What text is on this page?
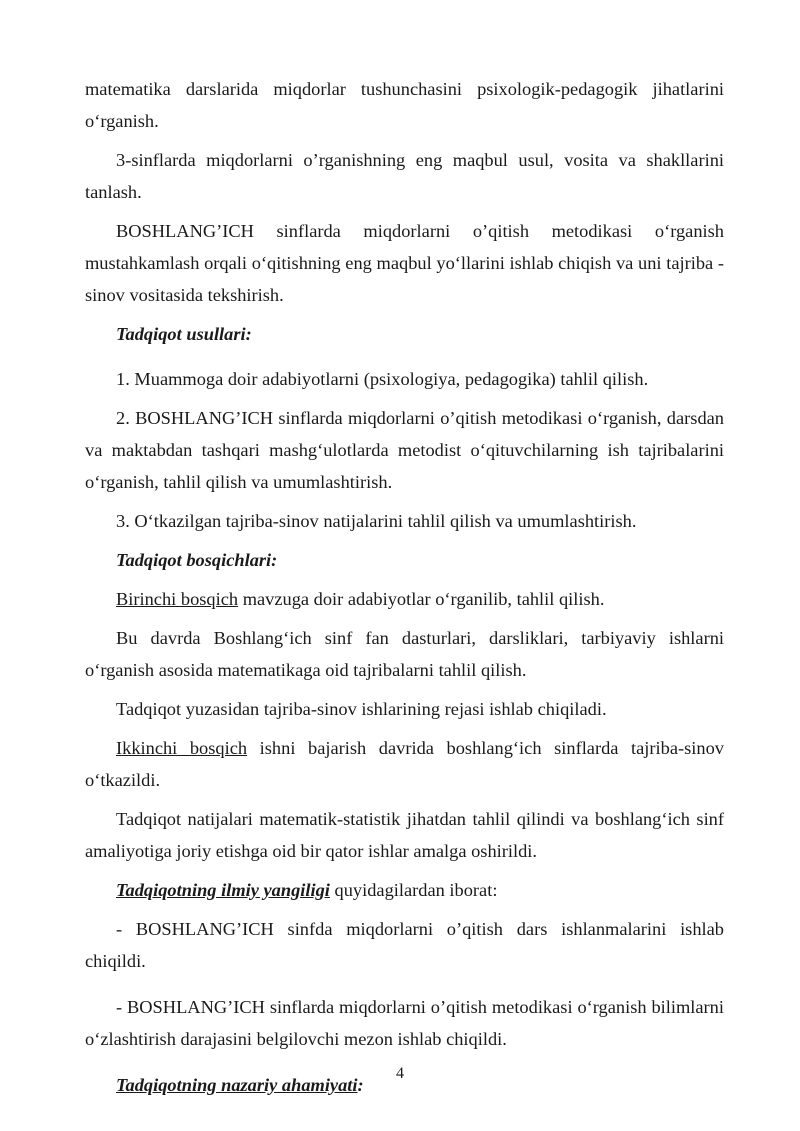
matematika darslarida miqdorlar tushunchasini psixologik-pedagogik jihatlarini o‘rganish.

3-sinflarda miqdorlarni o’rganishning eng maqbul usul, vosita va shakllarini tanlash.

BOSHLANG’ICH sinflarda miqdorlarni o’qitish metodikasi o‘rganish mustahkamlash orqali o‘qitishning eng maqbul yo‘llarini ishlab chiqish va uni tajriba - sinov vositasida tekshirish.

Tadqiqot usullari:

1. Muammoga doir adabiyotlarni (psixologiya, pedagogika) tahlil qilish.

2. BOSHLANG’ICH sinflarda miqdorlarni o’qitish metodikasi o‘rganish, darsdan va maktabdan tashqari mashg‘ulotlarda metodist o‘qituvchilarning ish tajribalarini o‘rganish, tahlil qilish va umumlashtirish.

3. O‘tkazilgan tajriba-sinov natijalarini tahlil qilish va umumlashtirish.

Tadqiqot bosqichlari:

Birinchi bosqich mavzuga doir adabiyotlar o‘rganilib, tahlil qilish.

Bu davrda Boshlang‘ich sinf fan dasturlari, darsliklari, tarbiyaviy ishlarni o‘rganish asosida matematikaga oid tajribalarni tahlil qilish.

Tadqiqot yuzasidan tajriba-sinov ishlarining rejasi ishlab chiqiladi.

Ikkinchi bosqich ishni bajarish davrida boshlang‘ich sinflarda tajriba-sinov o‘tkazildi.

Tadqiqot natijalari matematik-statistik jihatdan tahlil qilindi va boshlang‘ich sinf amaliyotiga joriy etishga oid bir qator ishlar amalga oshirildi.

Tadqiqotning ilmiy yangiligi quyidagilardan iborat:

- BOSHLANG’ICH sinfda miqdorlarni o’qitish dars ishlanmalarini ishlab chiqildi.

- BOSHLANG’ICH sinflarda miqdorlarni o’qitish metodikasi o‘rganish bilimlarni o‘zlashtirish darajasini belgilovchi mezon ishlab chiqildi.

Tadqiqotning nazariy ahamiyati:

4
